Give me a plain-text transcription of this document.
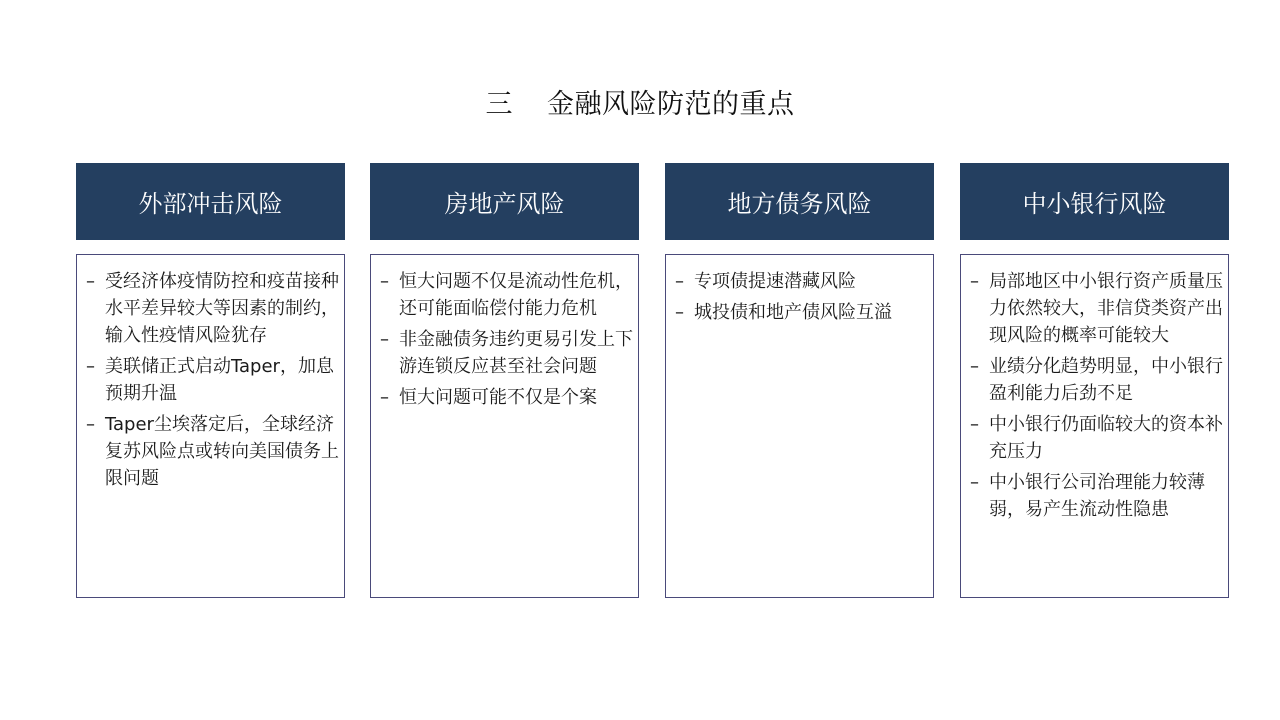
三 金融风险防范的重点
外部冲击风险
– 受经济体疫情防控和疫苗接种水平差异较大等因素的制约，输入性疫情风险犹存
– 美联储正式启动Taper，加息预期升温
– Taper尘埃落定后，全球经济复苏风险点或转向美国债务上限问题
房地产风险
– 恒大问题不仅是流动性危机，还可能面临偿付能力危机
– 非金融债务违约更易引发上下游连锁反应甚至社会问题
– 恒大问题可能不仅是个案
地方债务风险
– 专项债提速潜藏风险
– 城投债和地产债风险互溢
中小银行风险
– 局部地区中小银行资产质量压力依然较大，非信贷类资产出现风险的概率可能较大
– 业绩分化趋势明显，中小银行盈利能力后劲不足
– 中小银行仍面临较大的资本补充压力
– 中小银行公司治理能力较薄弱，易产生流动性隐患
